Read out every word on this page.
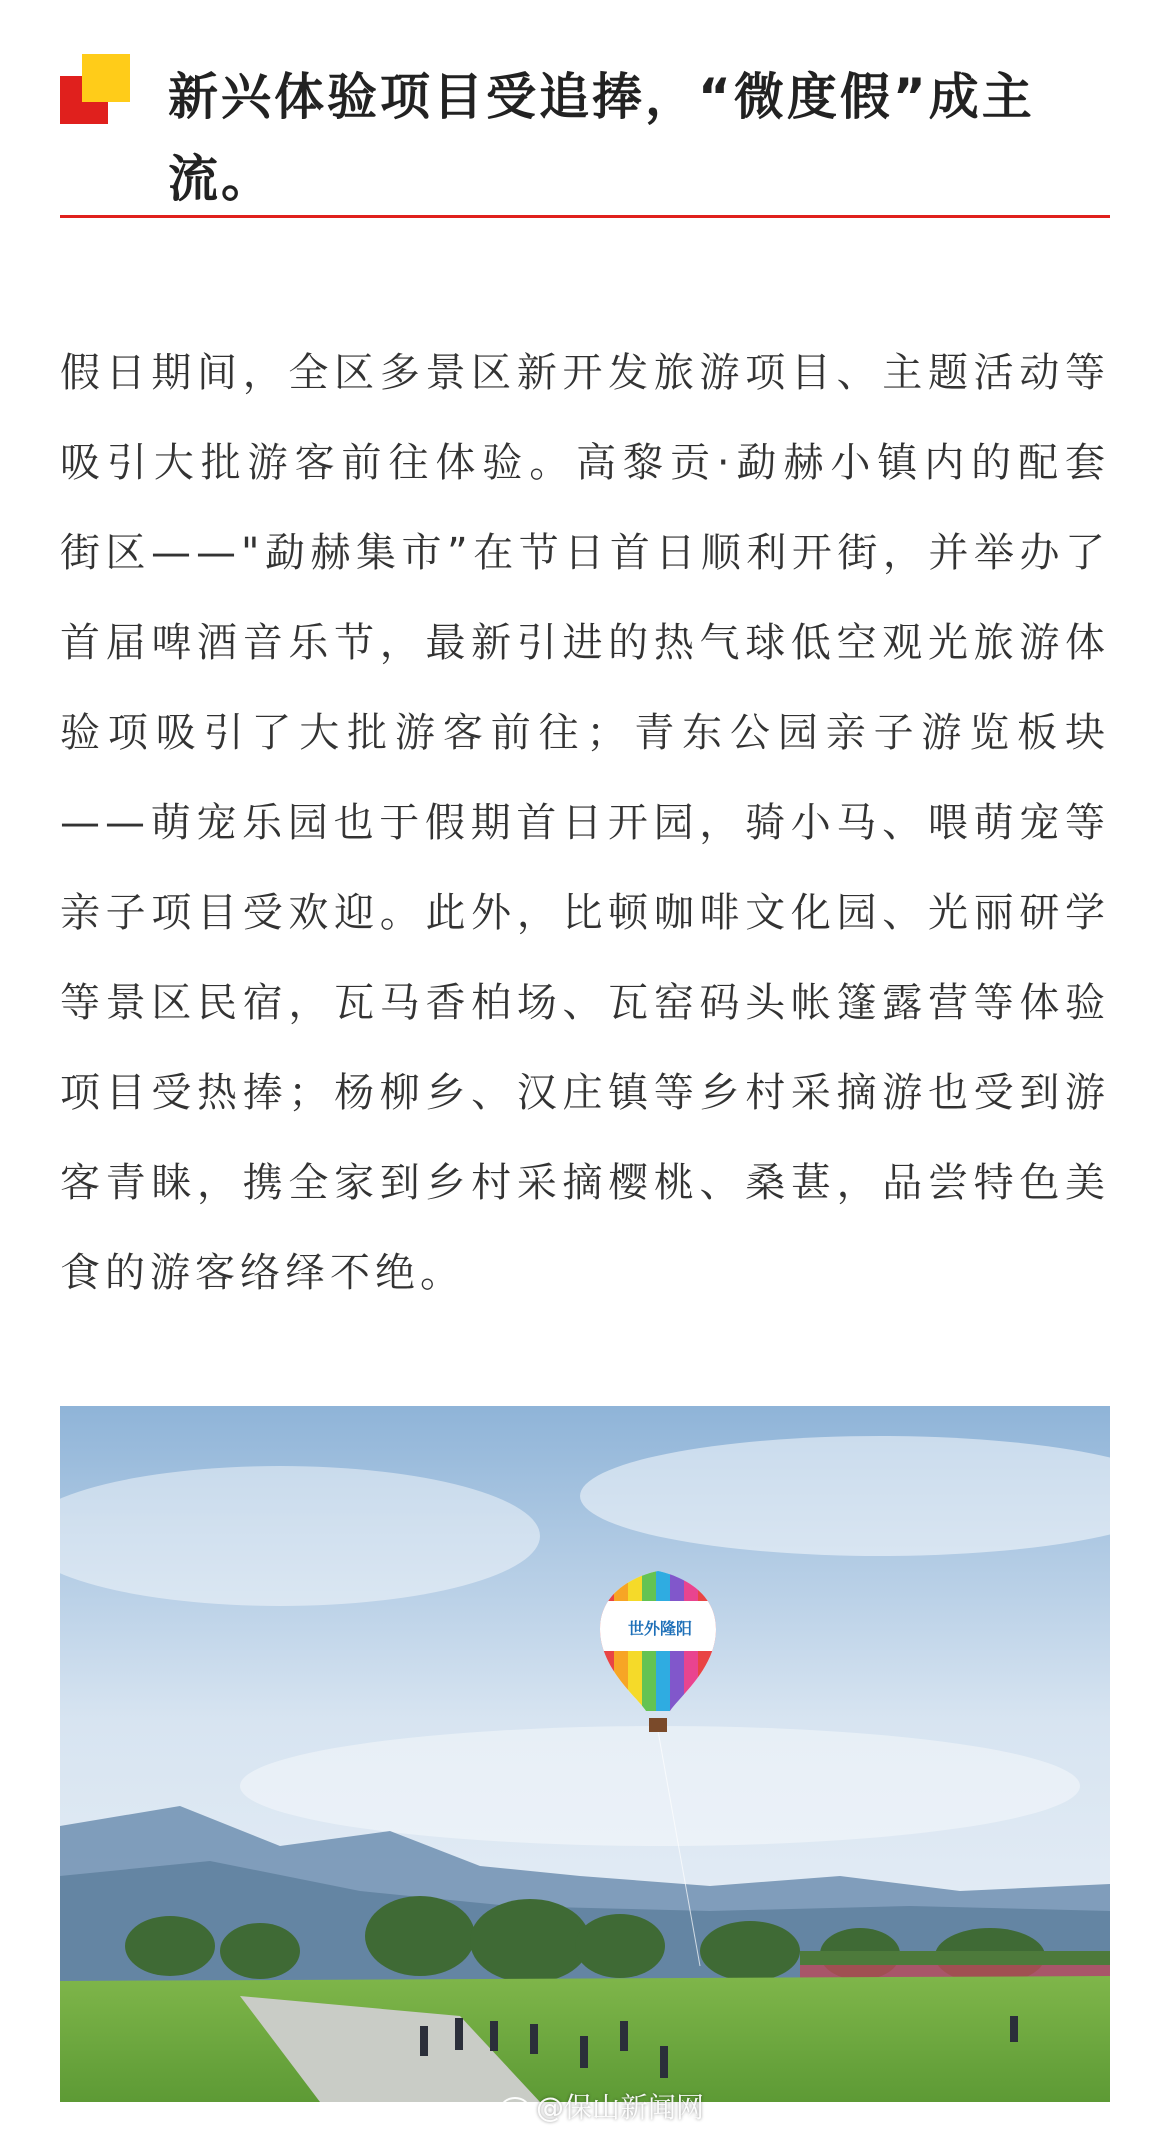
新兴体验项目受追捧，“微度假”成主流。

假日期间，全区多景区新开发旅游项目、主题活动等吸引大批游客前往体验。高黎贡·勐赫小镇内的配套街区——"勐赫集市”在节日首日顺利开街，并举办了首届啤酒音乐节，最新引进的热气球低空观光旅游体验项吸引了大批游客前往；青东公园亲子游览板块——萌宠乐园也于假期首日开园，骑小马、喂萌宠等亲子项目受欢迎。此外，比顿咖啡文化园、光丽研学等景区民宿，瓦马香柏场、瓦窑码头帐篷露营等体验项目受热捧；杨柳乡、汉庄镇等乡村采摘游也受到游客青睐，携全家到乡村采摘樱桃、桑葚，品尝特色美食的游客络绎不绝。

世外隆阳
@保山新闻网
